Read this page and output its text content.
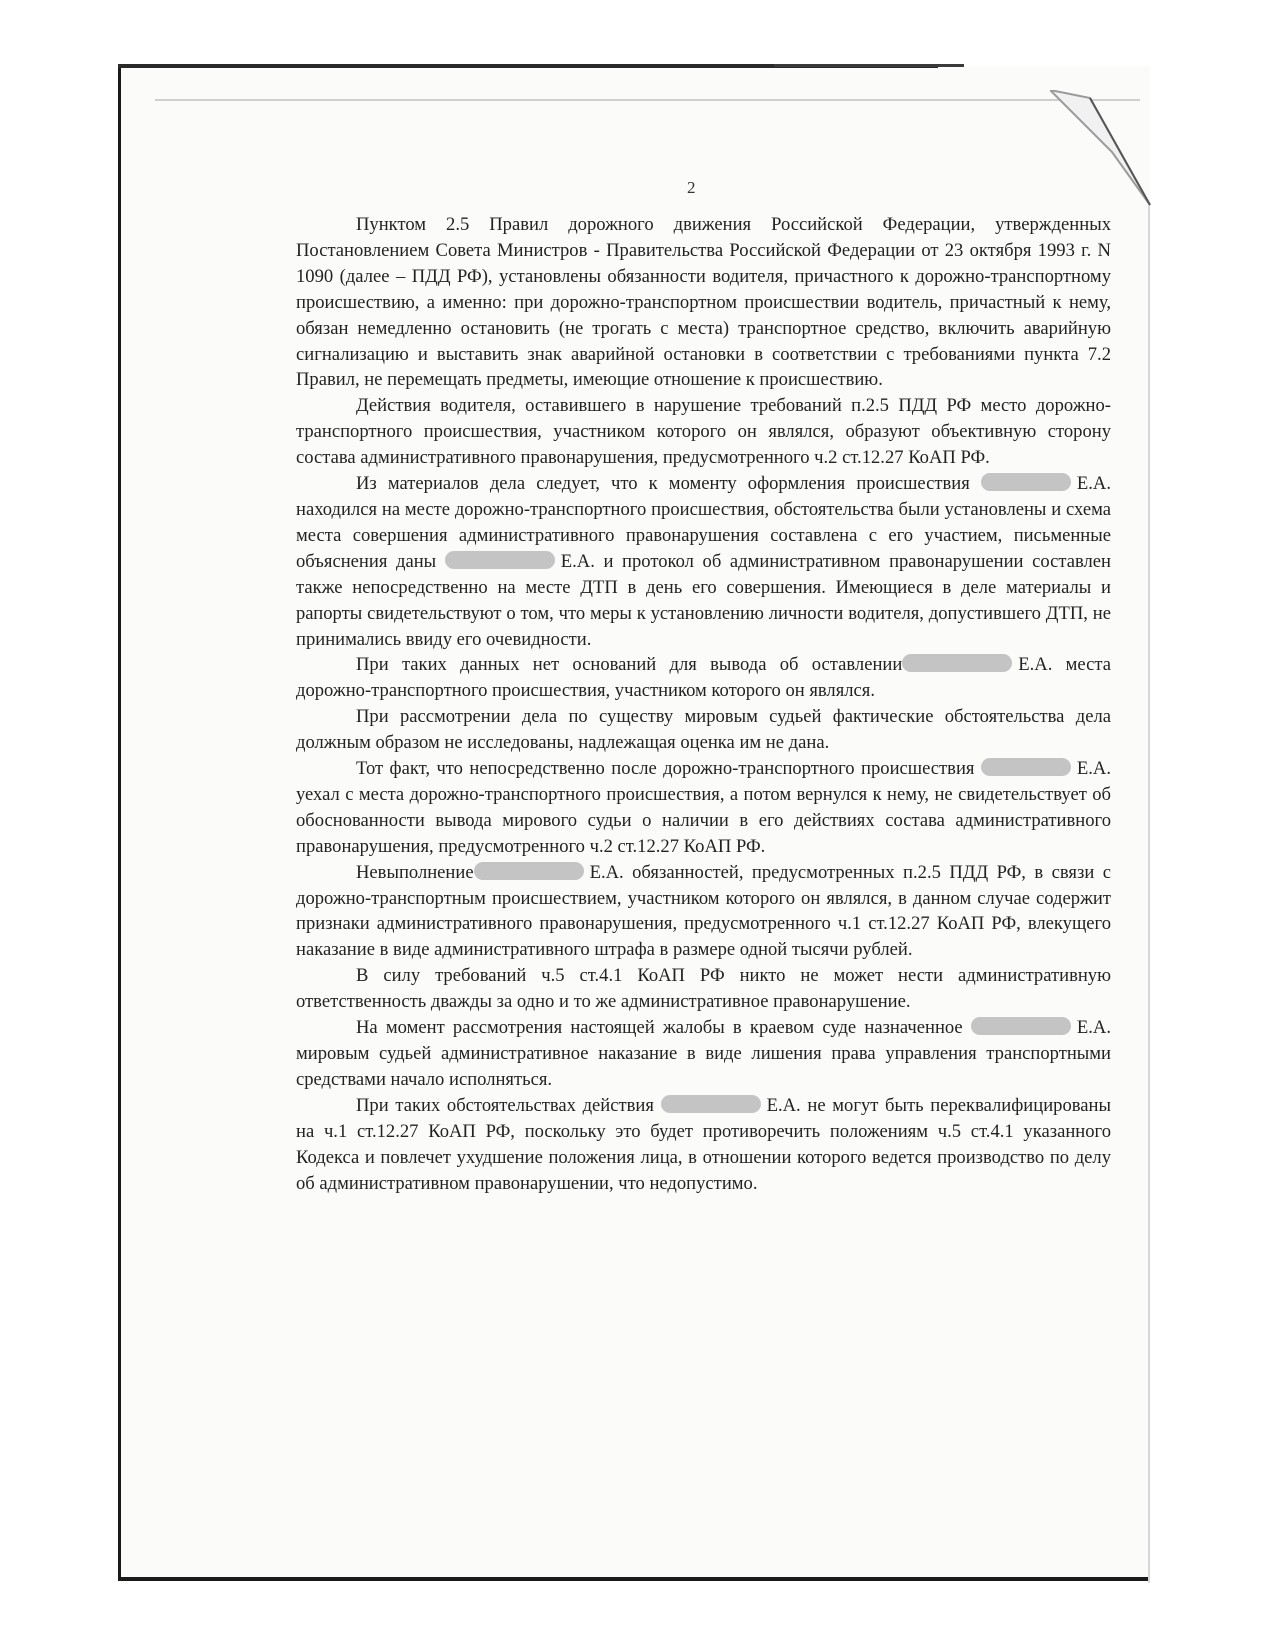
2

Пунктом 2.5 Правил дорожного движения Российской Федерации, утвержденных Постановлением Совета Министров - Правительства Российской Федерации от 23 октября 1993 г. N 1090 (далее – ПДД РФ), установлены обязанности водителя, причастного к дорожно-транспортному происшествию, а именно: при дорожно-транспортном происшествии водитель, причастный к нему, обязан немедленно остановить (не трогать с места) транспортное средство, включить аварийную сигнализацию и выставить знак аварийной остановки в соответствии с требованиями пункта 7.2 Правил, не перемещать предметы, имеющие отношение к происшествию.

Действия водителя, оставившего в нарушение требований п.2.5 ПДД РФ место дорожно-транспортного происшествия, участником которого он являлся, образуют объективную сторону состава административного правонарушения, предусмотренного ч.2 ст.12.27 КоАП РФ.

Из материалов дела следует, что к моменту оформления происшествия	Е.А. находился на месте дорожно-транспортного происшествия, обстоятельства были установлены и схема места совершения административного правонарушения составлена с его участием, письменные объяснения даны	Е.А. и протокол об административном правонарушении составлен также непосредственно на месте ДТП в день его совершения. Имеющиеся в деле материалы и рапорты свидетельствуют о том, что меры к установлению личности водителя, допустившего ДТП, не принимались ввиду его очевидности.

При таких данных нет оснований для вывода об оставлении	Е.А. места дорожно-транспортного происшествия, участником которого он являлся.

При рассмотрении дела по существу мировым судьей фактические обстоятельства дела должным образом не исследованы, надлежащая оценка им не дана.

Тот факт, что непосредственно после дорожно-транспортного происшествия	Е.А. уехал с места дорожно-транспортного происшествия, а потом вернулся к нему, не свидетельствует об обоснованности вывода мирового судьи о наличии в его действиях состава административного правонарушения, предусмотренного ч.2 ст.12.27 КоАП РФ.

Невыполнение	Е.А. обязанностей, предусмотренных п.2.5 ПДД РФ, в связи с дорожно-транспортным происшествием, участником которого он являлся, в данном случае содержит признаки административного правонарушения, предусмотренного ч.1 ст.12.27 КоАП РФ, влекущего наказание в виде административного штрафа в размере одной тысячи рублей.

В силу требований ч.5 ст.4.1 КоАП РФ никто не может нести административную ответственность дважды за одно и то же административное правонарушение.

На момент рассмотрения настоящей жалобы в краевом суде назначенное	Е.А. мировым судьей административное наказание в виде лишения права управления транспортными средствами начало исполняться.

При таких обстоятельствах действия	Е.А. не могут быть переквалифицированы на ч.1 ст.12.27 КоАП РФ, поскольку это будет противоречить положениям ч.5 ст.4.1 указанного Кодекса и повлечет ухудшение положения лица, в отношении которого ведется производство по делу об административном правонарушении, что недопустимо.
